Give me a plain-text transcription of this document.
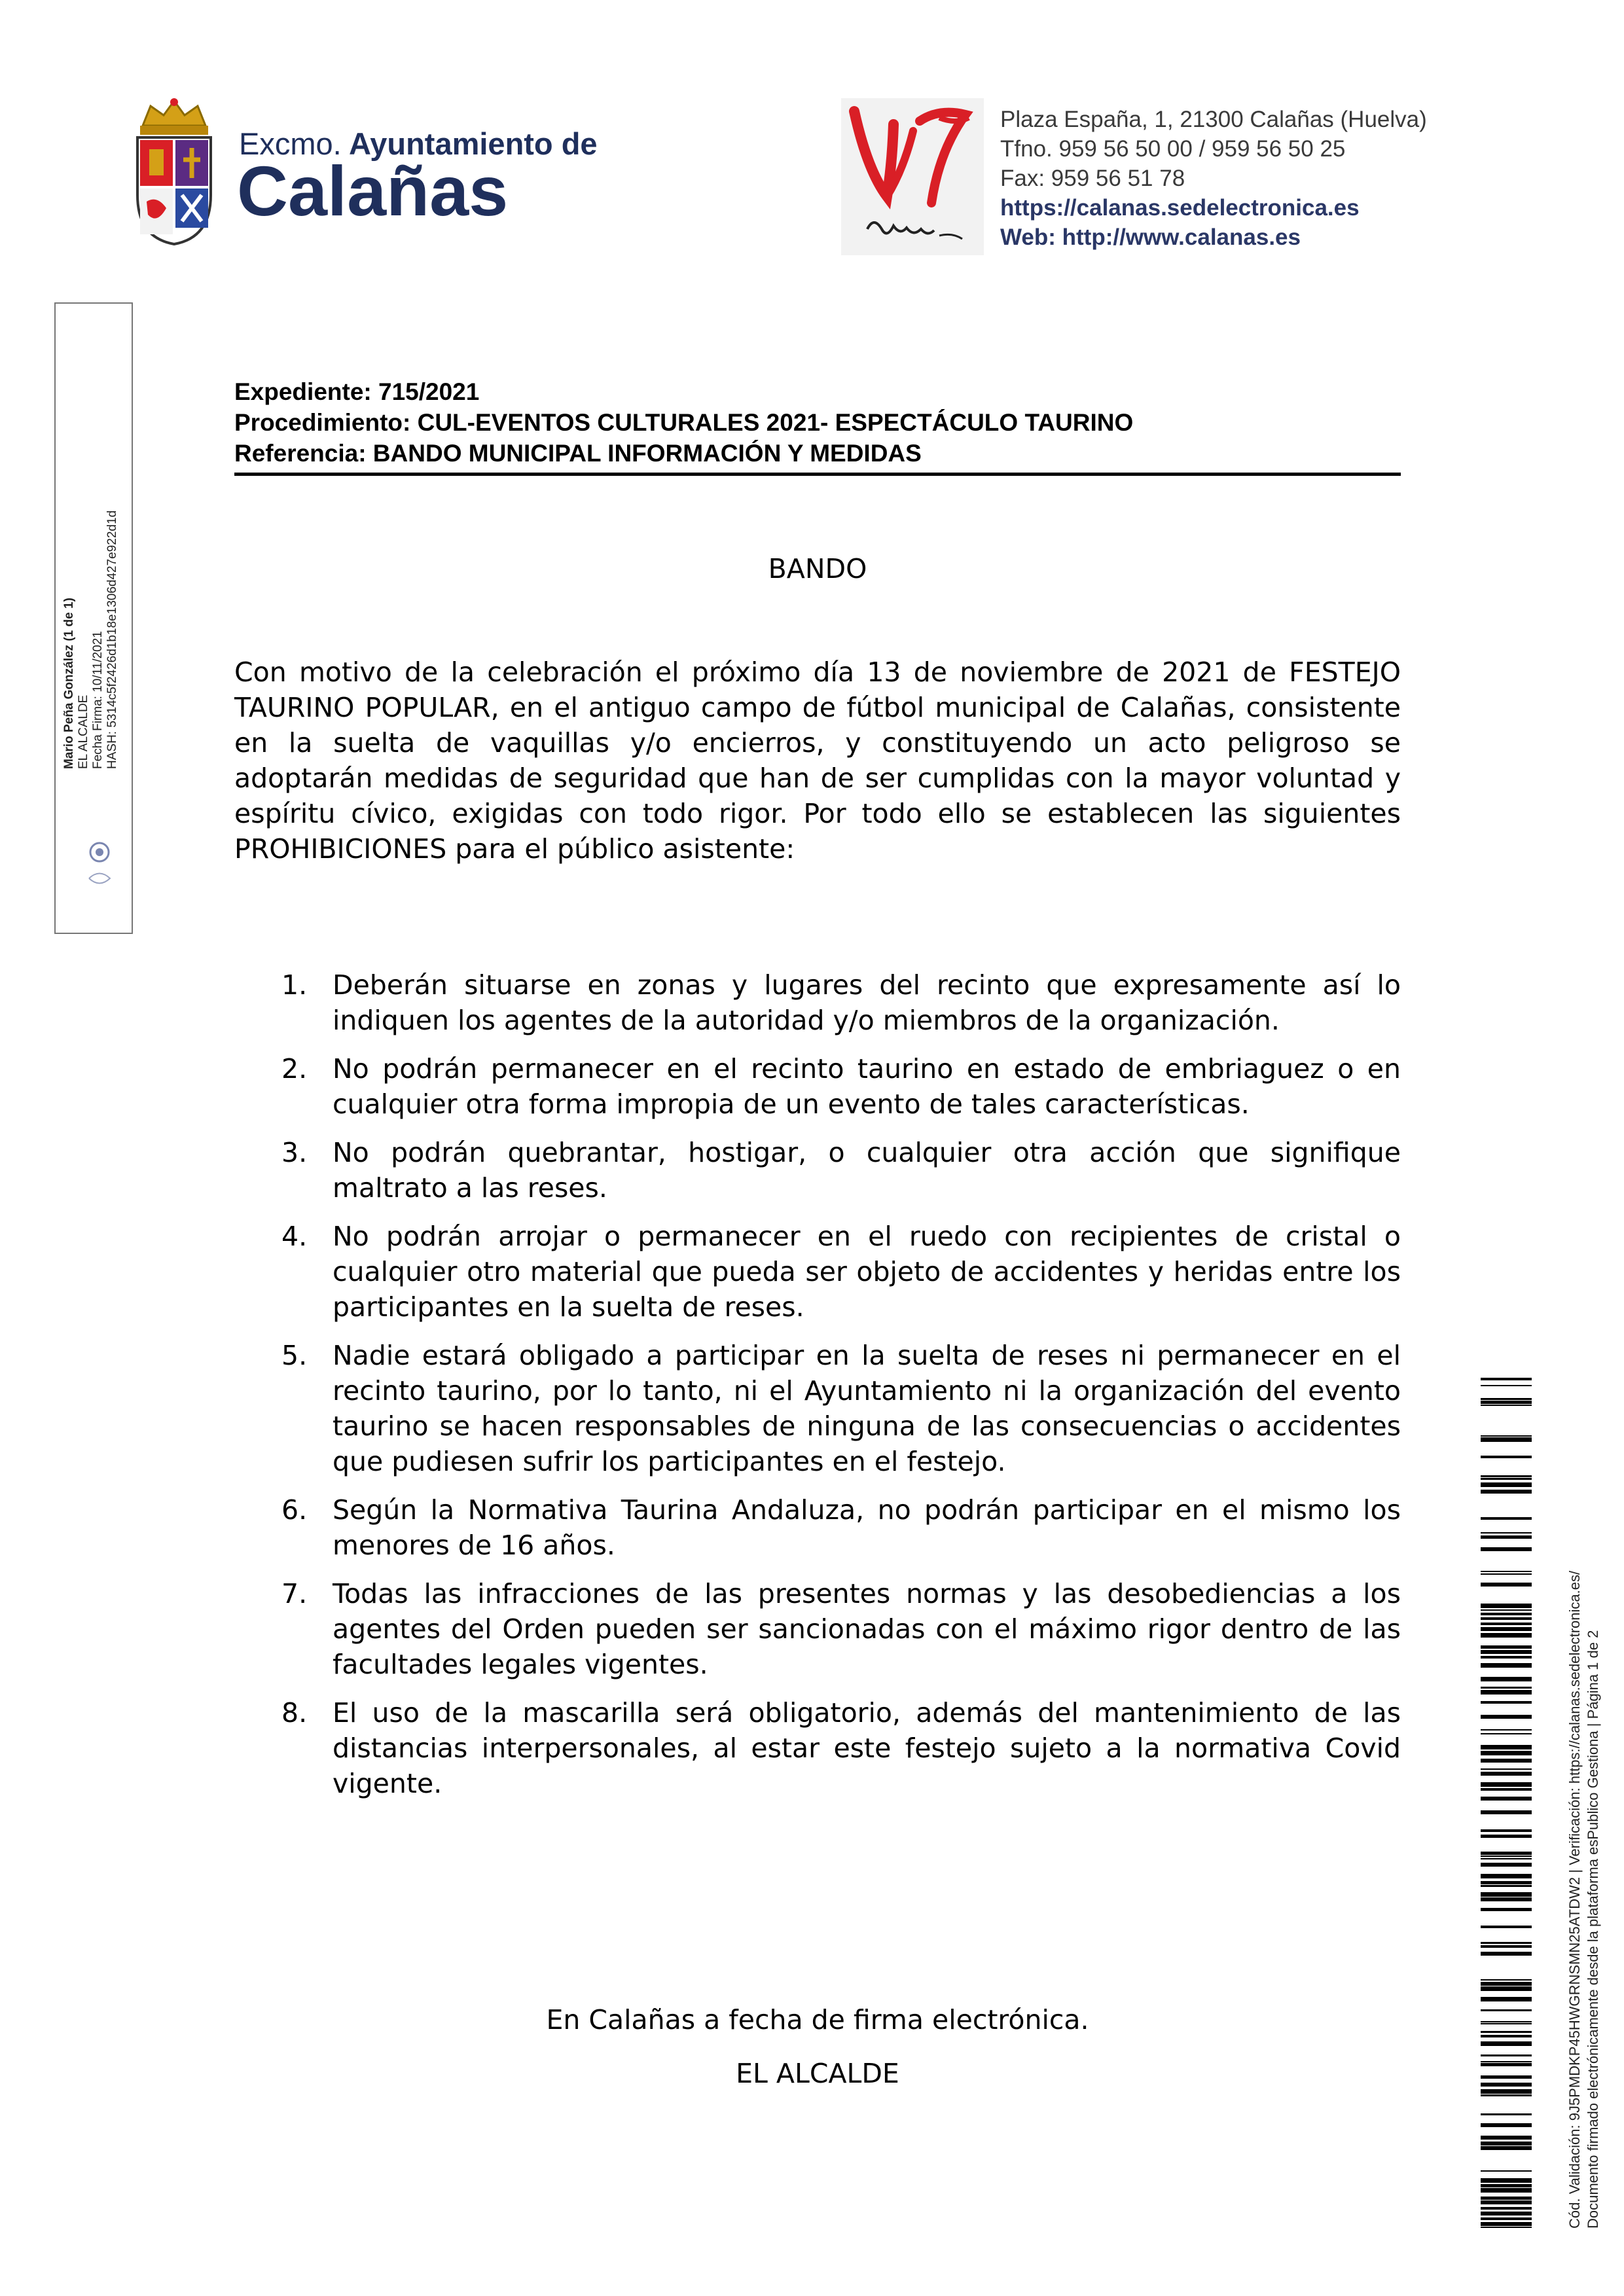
Excmo. Ayuntamiento de
Calañas
Plaza España, 1, 21300 Calañas (Huelva)
Tfno. 959 56 50 00 / 959 56 50 25
Fax: 959 56 51 78
https://calanas.sedelectronica.es
Web: http://www.calanas.es
Mario Peña González (1 de 1) EL ALCALDE Fecha Firma: 10/11/2021 HASH: 5314c5f2426d1b18e1306d427e922d1d
Expediente: 715/2021
Procedimiento: CUL-EVENTOS CULTURALES 2021- ESPECTÁCULO TAURINO
Referencia: BANDO MUNICIPAL INFORMACIÓN Y MEDIDAS
BANDO

Con motivo de la celebración el próximo día 13 de noviembre de 2021 de FESTEJO TAURINO POPULAR, en el antiguo campo de fútbol municipal de Calañas, consistente en la suelta de vaquillas y/o encierros, y constituyendo un acto peligroso se adoptarán medidas de seguridad que han de ser cumplidas con la mayor voluntad y espíritu cívico, exigidas con todo rigor. Por todo ello se establecen las siguientes PROHIBICIONES para el público asistente:

1. Deberán situarse en zonas y lugares del recinto que expresamente así lo indiquen los agentes de la autoridad y/o miembros de la organización.
2. No podrán permanecer en el recinto taurino en estado de embriaguez o en cualquier otra forma impropia de un evento de tales características.
3. No podrán quebrantar, hostigar, o cualquier otra acción que signifique maltrato a las reses.
4. No podrán arrojar o permanecer en el ruedo con recipientes de cristal o cualquier otro material que pueda ser objeto de accidentes y heridas entre los participantes en la suelta de reses.
5. Nadie estará obligado a participar en la suelta de reses ni permanecer en el recinto taurino, por lo tanto, ni el Ayuntamiento ni la organización del evento taurino se hacen responsables de ninguna de las consecuencias o accidentes que pudiesen sufrir los participantes en el festejo.
6. Según la Normativa Taurina Andaluza, no podrán participar en el mismo los menores de 16 años.
7. Todas las infracciones de las presentes normas y las desobediencias a los agentes del Orden pueden ser sancionadas con el máximo rigor dentro de las facultades legales vigentes.
8. El uso de la mascarilla será obligatorio, además del mantenimiento de las distancias interpersonales, al estar este festejo sujeto a la normativa Covid vigente.
En Calañas a fecha de firma electrónica.
EL ALCALDE	Cód. Validación: 9J5PMDKP45HWGRNSMN25ATDW2 | Verificación: https://calanas.sedelectronica.es/ Documento firmado electrónicamente desde la plataforma esPublico Gestiona | Página 1 de 2
